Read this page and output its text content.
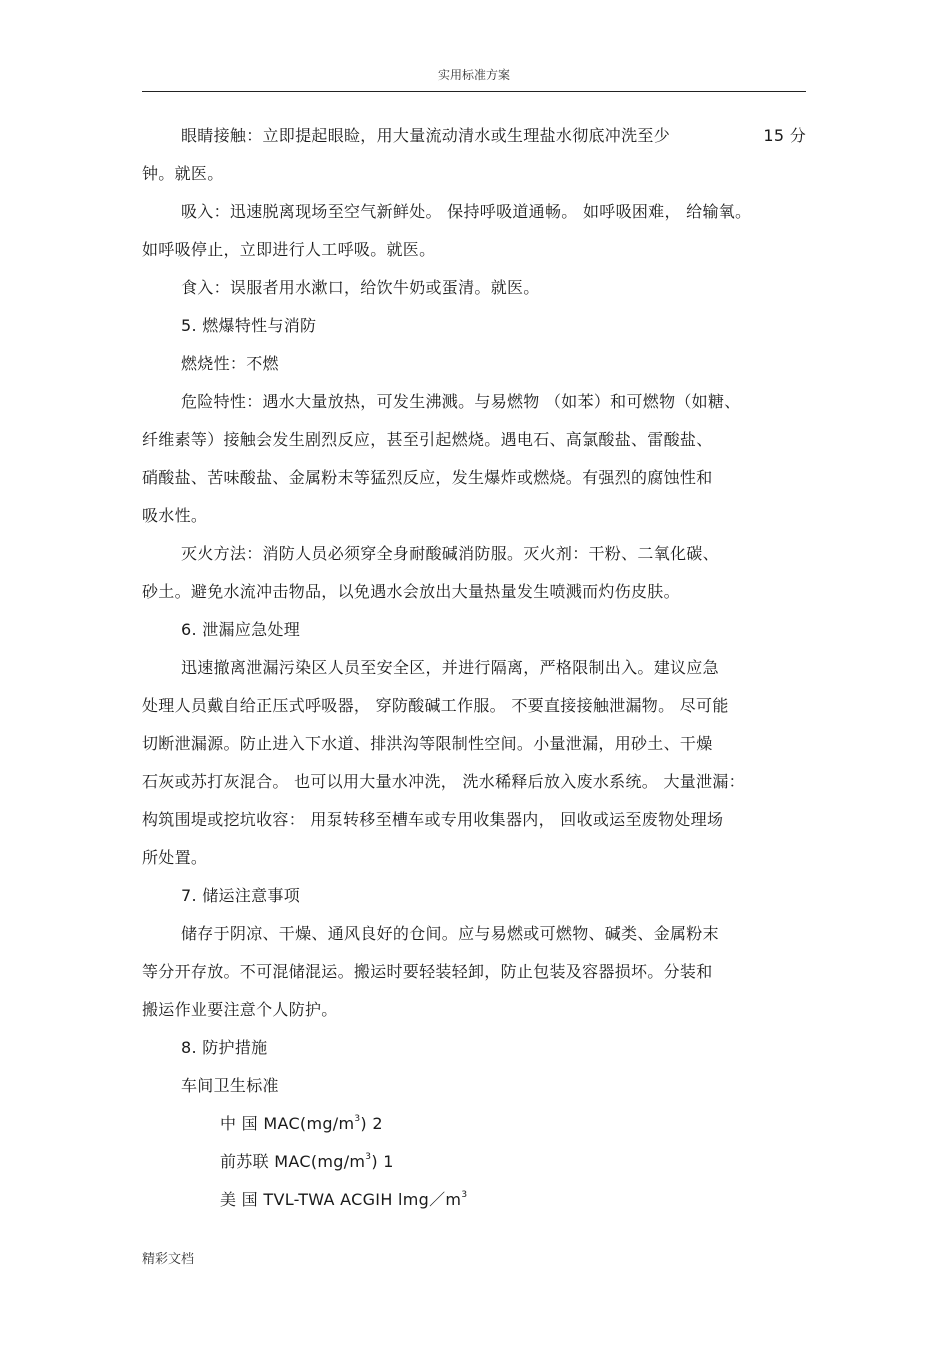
实用标准方案
眼睛接触：立即提起眼睑，用大量流动清水或生理盐水彻底冲洗至少	15 分
钟。就医。
吸入：迅速脱离现场至空气新鲜处。 保持呼吸道通畅。 如呼吸困难， 给输氧。
如呼吸停止，立即进行人工呼吸。就医。
食入：误服者用水漱口，给饮牛奶或蛋清。就医。
5. 燃爆特性与消防
燃烧性：不燃
危险特性：遇水大量放热，可发生沸溅。与易燃物 （如苯）和可燃物（如糖、
纤维素等）接触会发生剧烈反应，甚至引起燃烧。遇电石、高氯酸盐、雷酸盐、
硝酸盐、苦味酸盐、金属粉末等猛烈反应，发生爆炸或燃烧。有强烈的腐蚀性和
吸水性。
灭火方法：消防人员必须穿全身耐酸碱消防服。灭火剂：干粉、二氧化碳、
砂土。避免水流冲击物品，以免遇水会放出大量热量发生喷溅而灼伤皮肤。
6. 泄漏应急处理
迅速撤离泄漏污染区人员至安全区，并进行隔离，严格限制出入。建议应急
处理人员戴自给正压式呼吸器， 穿防酸碱工作服。 不要直接接触泄漏物。 尽可能
切断泄漏源。防止进入下水道、排洪沟等限制性空间。小量泄漏，用砂土、干燥
石灰或苏打灰混合。 也可以用大量水冲洗， 洗水稀释后放入废水系统。 大量泄漏：
构筑围堤或挖坑收容： 用泵转移至槽车或专用收集器内， 回收或运至废物处理场
所处置。
7. 储运注意事项
储存于阴凉、干燥、通风良好的仓间。应与易燃或可燃物、碱类、金属粉末
等分开存放。不可混储混运。搬运时要轻装轻卸，防止包装及容器损坏。分装和
搬运作业要注意个人防护。
8. 防护措施
车间卫生标准
中 国 $MAC(mg/m^3)$ 2
前苏联 $MAC(mg/m^3)$ 1
美 国 TVL-TWA ACGIH $lmg/m^3$
精彩文档
